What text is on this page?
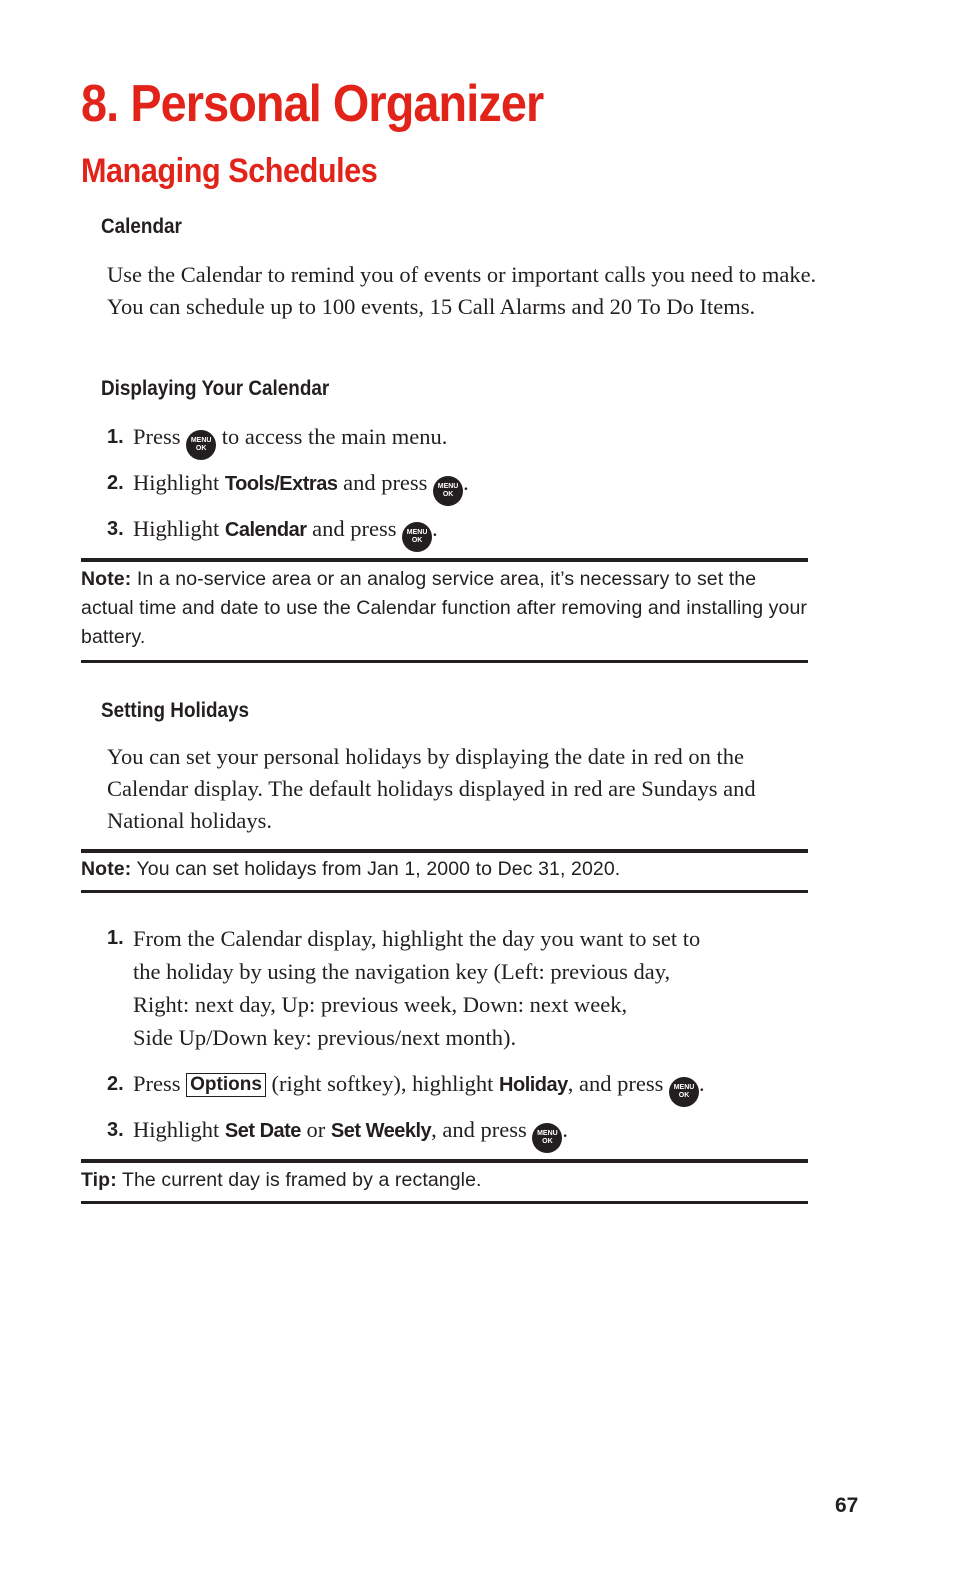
8. Personal Organizer
Managing Schedules
Calendar
Use the Calendar to remind you of events or important calls you need to make. You can schedule up to 100 events, 15 Call Alarms and 20 To Do Items.
Displaying Your Calendar
1. Press MENU
OK to access the main menu.
2. Highlight Tools/Extras and press MENU
OK .
3. Highlight Calendar and press MENU
OK .
Note: In a no-service area or an analog service area, it’s necessary to set the actual time and date to use the Calendar function after removing and installing your battery.
Setting Holidays
You can set your personal holidays by displaying the date in red on the Calendar display. The default holidays displayed in red are Sundays and National holidays.
Note: You can set holidays from Jan 1, 2000 to Dec 31, 2020.
1. From the Calendar display, highlight the day you want to set to
the holiday by using the navigation key (Left: previous day,
Right: next day, Up: previous week, Down: next week,
Side Up/Down key: previous/next month).
2. Press Options (right softkey), highlight Holiday, and press MENU
OK .
3. Highlight Set Date or Set Weekly, and press MENU
OK .
Tip: The current day is framed by a rectangle.
67
